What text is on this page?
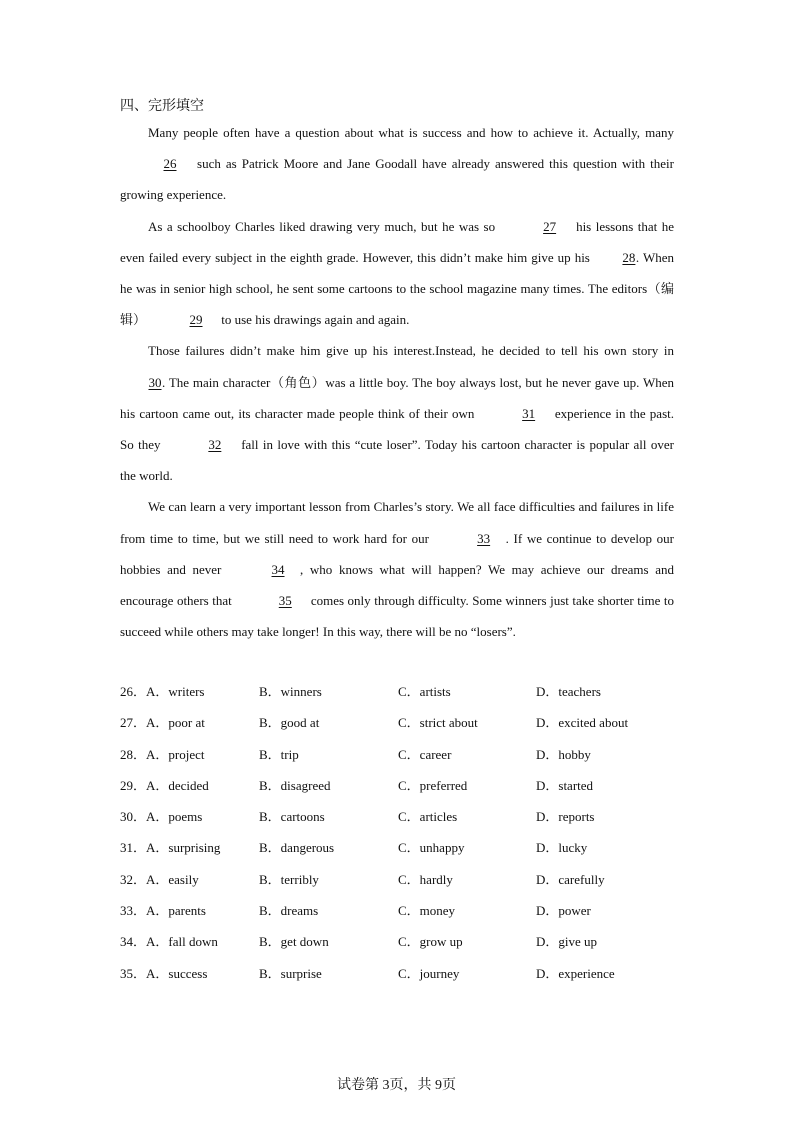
四、完形填空

Many people often have a question about what is success and how to achieve it. Actually, many 26 such as Patrick Moore and Jane Goodall have already answered this question with their growing experience.

As a schoolboy Charles liked drawing very much, but he was so	27 his lessons that he even failed every subject in the eighth grade. However, this didn’t make him give up his 28. When he was in senior high school, he sent some cartoons to the school magazine many times. The editors（编辑）	29 to use his drawings again and again.

Those failures didn’t make him give up his interest.Instead, he decided to tell his own story in 30. The main character（角色）was a little boy. The boy always lost, but he never gave up. When his cartoon came out, its character made people think of their own	31 experience in the past. So they	32 fall in love with this “cute loser”. Today his cartoon character is popular all over the world.

We can learn a very important lesson from Charles’s story. We all face difficulties and failures in life from time to time, but we still need to work hard for our	33 . If we continue to develop our hobbies and never	34 , who knows what will happen? We may achieve our dreams and encourage others that	35 comes only through difficulty. Some winners just take shorter time to succeed while others may take longer! In this way, there will be no “losers”.

26．A．writers	B．winners	C．artists	D．teachers
27．A．poor at	B．good at	C．strict about	D．excited about
28．A．project	B．trip	C．career	D．hobby
29．A．decided	B．disagreed	C．preferred	D．started
30．A．poems	B．cartoons	C．articles	D．reports
31．A．surprising	B．dangerous	C．unhappy	D．lucky
32．A．easily	B．terribly	C．hardly	D．carefully
33．A．parents	B．dreams	C．money	D．power
34．A．fall down	B．get down	C．grow up	D．give up
35．A．success	B．surprise	C．journey	D．experience
试卷第 3页，共 9页
